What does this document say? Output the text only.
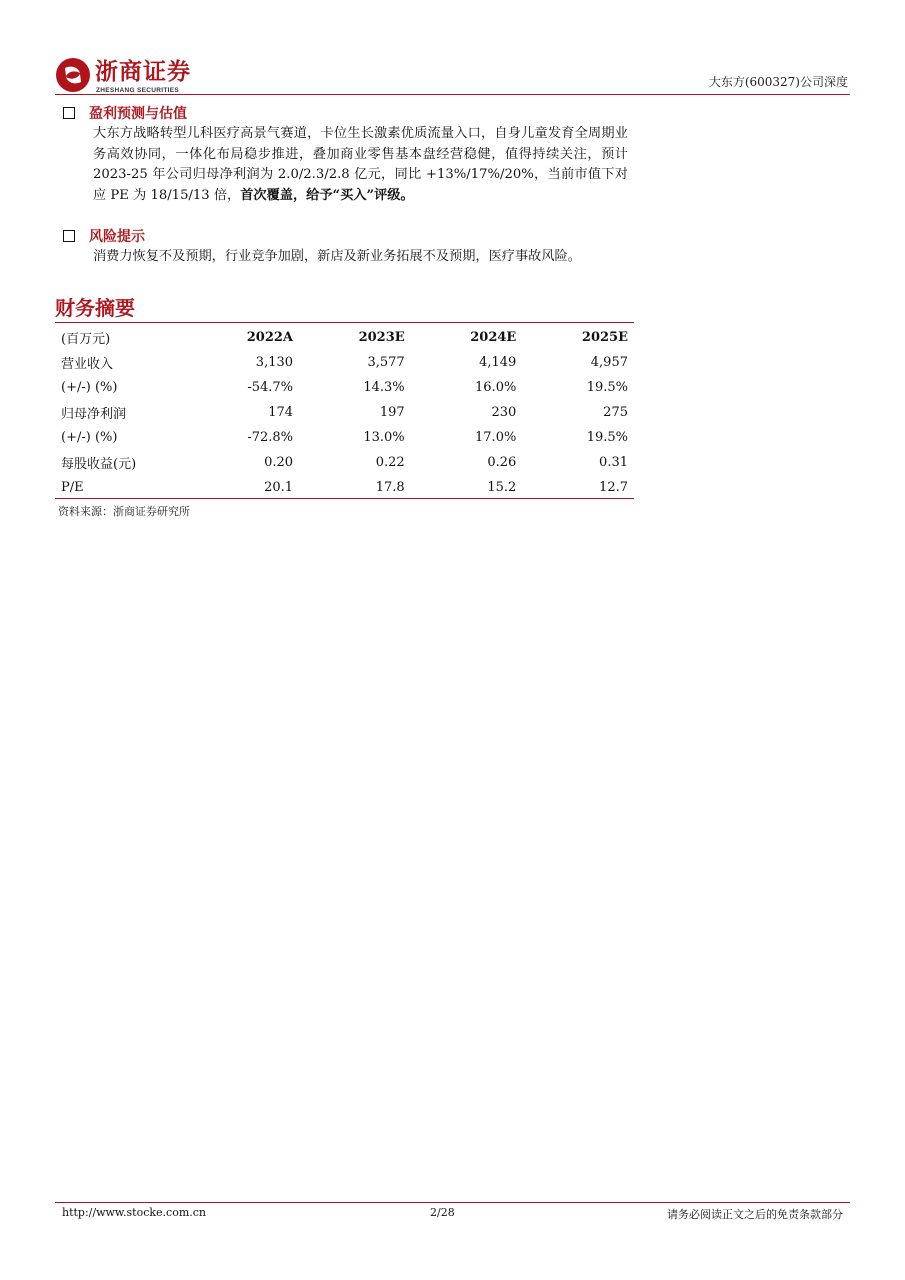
浙商证券
ZHESHANG SECURITIES
大东方(600327)公司深度
盈利预测与估值
大东方战略转型儿科医疗高景气赛道，卡位生长激素优质流量入口，自身儿童发育全周期业务高效协同，一体化布局稳步推进，叠加商业零售基本盘经营稳健，值得持续关注，预计 2023-25 年公司归母净利润为 2.0/2.3/2.8 亿元，同比 +13%/17%/20%，当前市值下对应 PE 为 18/15/13 倍，首次覆盖，给予“买入”评级。
风险提示
消费力恢复不及预期，行业竞争加剧，新店及新业务拓展不及预期，医疗事故风险。
财务摘要
(百万元)	2022A	2023E	2024E	2025E
营业收入	3,130	3,577	4,149	4,957
(+/-) (%)	-54.7%	14.3%	16.0%	19.5%
归母净利润	174	197	230	275
(+/-) (%)	-72.8%	13.0%	17.0%	19.5%
每股收益(元)	0.20	0.22	0.26	0.31
P/E	20.1	17.8	15.2	12.7
资料来源：浙商证券研究所
http://www.stocke.com.cn	2/28	请务必阅读正文之后的免责条款部分
